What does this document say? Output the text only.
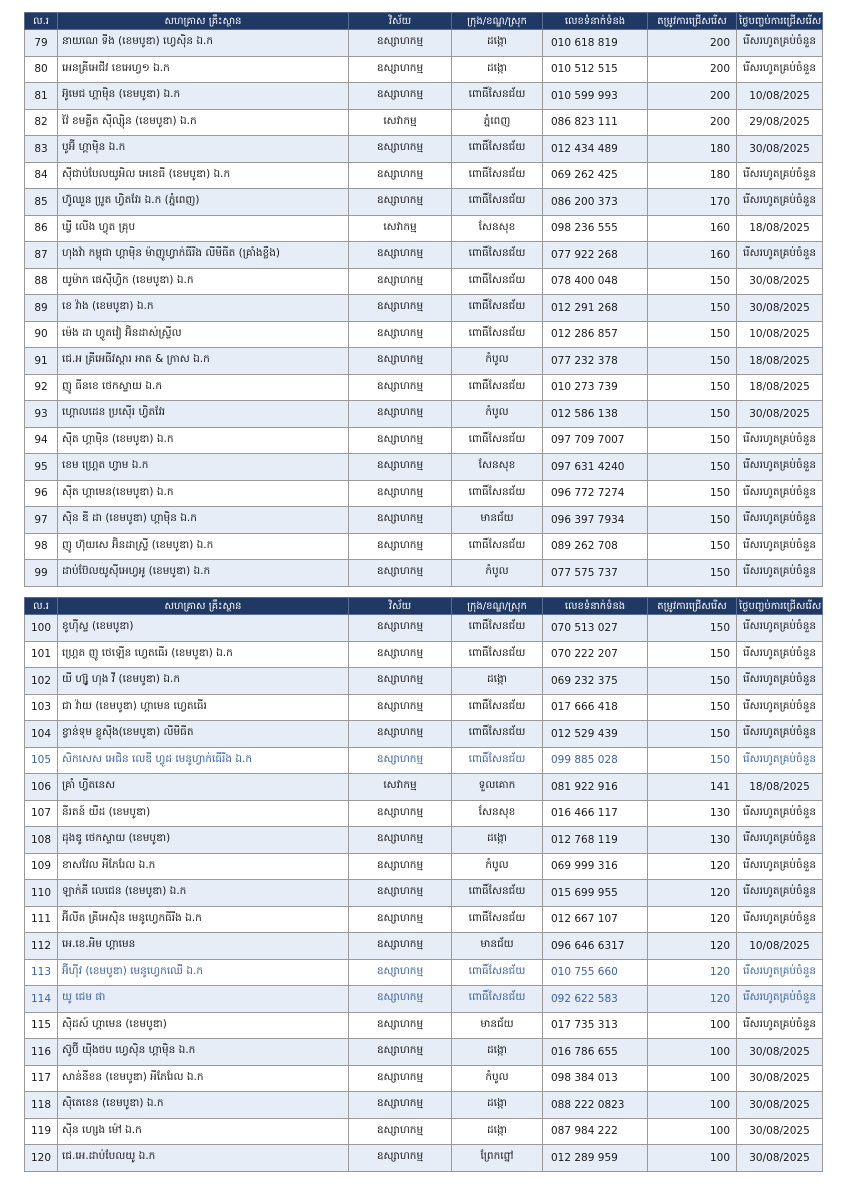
ល.រ	សហគ្រាស គ្រឹះស្ថាន	វិស័យ	ក្រុង/ខណ្ឌ/ស្រុក	លេខទំនាក់ទំនង	តម្រូវការជ្រើសរើស	ថ្ងៃបញ្ចប់ការជ្រើសរើស
79	នាយណេ ទីង (ខេមបូឌា) ហ្វេស៊ិន ឯ.ក	ឧស្សាហកម្ម	ដង្កោ	010 618 819	200	រើសរហូតគ្រប់ចំនួន
80	អេនគ្រីអេជីវ ខេអេហ្វ១ ឯ.ក	ឧស្សាហកម្ម	ដង្កោ	010 512 515	200	រើសរហូតគ្រប់ចំនួន
81	អ៊ូមេជ ហ្គាម៉ិន (ខេមបូឌា) ឯ.ក	ឧស្សាហកម្ម	ពោធិ៍សែនជ័យ	010 599 993	200	10/08/2025
82	វ៉ៃ ខមគ្លីត ស៊ីល្ស៊ិន (ខេមបូឌា) ឯ.ក	សេវាកម្ម	ភ្នំពេញ	086 823 111	200	29/08/2025
83	បូអ៊ី ហ្គាម៉ិន ឯ.ក	ឧស្សាហកម្ម	ពោធិ៍សែនជ័យ	012 434 489	180	30/08/2025
84	ស៊ីជាប់បែលយូអិល អេខេធី (ខេមបូឌា) ឯ.ក	ឧស្សាហកម្ម	ពោធិ៍សែនជ័យ	069 262 425	180	រើសរហូតគ្រប់ចំនួន
85	ហ៊ូឈួន ប្រូត ហ្វិតវែរ ឯ.ក (ភ្នំពេញ)	ឧស្សាហកម្ម	ពោធិ៍សែនជ័យ	086 200 373	170	រើសរហូតគ្រប់ចំនួន
86	ឃ្វី លេីង ហ្វុត គ្រុប	សេវាកម្ម	សែនសុខ	098 236 555	160	18/08/2025
87	ហុងវ៉ា កម្ពុជា ហ្គាម៉ិន ម៉ាញូហ្វាក់ធីរីង លីមីធីត (គ្រាំងខ្លឹង)	ឧស្សាហកម្ម	ពោធិ៍សែនជ័យ	077 922 268	160	រើសរហូតគ្រប់ចំនួន
88	យូម៉ាក ផេស៊ីហ្វិក (ខេមបូឌា) ឯ.ក	ឧស្សាហកម្ម	ពោធិ៍សែនជ័យ	078 400 048	150	30/08/2025
89	ខេ វ៉ាង (ខេមបូឌា) ឯ.ក	ឧស្សាហកម្ម	ពោធិ៍សែនជ័យ	012 291 268	150	30/08/2025
90	ម៉េង ដា ហ្វូតវៀ អ៊ិនដាស់ស្ទ្រីល	ឧស្សាហកម្ម	ពោធិ៍សែនជ័យ	012 286 857	150	10/08/2025
91	ជេ.អ គ្រីអេធីវស្តារ អាត & ក្រាស ឯ.ក	ឧស្សាហកម្ម	កំបូល	077 232 378	150	18/08/2025
92	ញូ ធីនខេ ថេកស្ទាយ ឯ.ក	ឧស្សាហកម្ម	ពោធិ៍សែនជ័យ	010 273 739	150	18/08/2025
93	ហ្គោលដេន ប្រស៊ើរ ហ្វិតវែរ	ឧស្សាហកម្ម	កំបូល	012 586 138	150	30/08/2025
94	ស៊ីត ហ្គាម៉ិន (ខេមបូឌា) ឯ.ក	ឧស្សាហកម្ម	ពោធិ៍សែនជ័យ	097 709 7007	150	រើសរហូតគ្រប់ចំនួន
95	ខេម ហ្គ្រេត ហ្វាម ឯ.ក	ឧស្សាហកម្ម	សែនសុខ	097 631 4240	150	រើសរហូតគ្រប់ចំនួន
96	ស៊ីត ហ្គាមេន(ខេមបូឌា) ឯ.ក	ឧស្សាហកម្ម	ពោធិ៍សែនជ័យ	096 772 7274	150	រើសរហូតគ្រប់ចំនួន
97	ស៊ិន ឌី ដា (ខេមបូឌា) ហ្គាម៉ិន ឯ.ក	ឧស្សាហកម្ម	មានជ័យ	096 397 7934	150	រើសរហូតគ្រប់ចំនួន
98	ញូ ហ៊ុយសេ អ៊ិនដាស្ទ្រី (ខេមបូឌា) ឯ.ក	ឧស្សាហកម្ម	ពោធិ៍សែនជ័យ	089 262 708	150	រើសរហូតគ្រប់ចំនួន
99	ដាប់ប៊ែលយូស៊ីអេហ្វអូ (ខេមបូឌា) ឯ.ក	ឧស្សាហកម្ម	កំបូល	077 575 737	150	រើសរហូតគ្រប់ចំនួន
ល.រ	សហគ្រាស គ្រឹះស្ថាន	វិស័យ	ក្រុង/ខណ្ឌ/ស្រុក	លេខទំនាក់ទំនង	តម្រូវការជ្រើសរើស	ថ្ងៃបញ្ចប់ការជ្រើសរើស
100	ខូហ៊ីស្ទ (ខេមបូឌា)	ឧស្សាហកម្ម	ពោធិ៍សែនជ័យ	070 513 027	150	រើសរហូតគ្រប់ចំនួន
101	ហ្គ្រេត ញូ ថេឡើន ហ្វេតធើរ (ខេមបូឌា) ឯ.ក	ឧស្សាហកម្ម	ពោធិ៍សែនជ័យ	070 222 207	150	រើសរហូតគ្រប់ចំនួន
102	យី ហ្ស៊ូ ហុង វី (ខេមបូឌា) ឯ.ក	ឧស្សាហកម្ម	ដង្កោ	069 232 375	150	រើសរហូតគ្រប់ចំនួន
103	ជា វ៉ាយ (ខេមបូឌា) ហ្គាមេន ហ្វេតធើរ	ឧស្សាហកម្ម	ពោធិ៍សែនជ័យ	017 666 418	150	រើសរហូតគ្រប់ចំនួន
104	ខ្វាន់ទុម ខ្លូស៊ីង(ខេមបូឌា) លីមីធីត	ឧស្សាហកម្ម	ពោធិ៍សែនជ័យ	012 529 439	150	រើសរហូតគ្រប់ចំនួន
105	សិកសេស អេជិន លេឌី ហ្វូដ មេនូហ្វាក់ធើរីង ឯ.ក	ឧស្សាហកម្ម	ពោធិ៍សែនជ័យ	099 885 028	150	រើសរហូតគ្រប់ចំនួន
106	គ្រាំ ហ្វីតនេស	សេវាកម្ម	ទួលគោក	081 922 916	141	18/08/2025
107	នីរតន៍ យឺដ (ខេមបូឌា)	ឧស្សាហកម្ម	សែនសុខ	016 466 117	130	រើសរហូតគ្រប់ចំនួន
108	ដុងឌូ ថេកស្ទាយ (ខេមបូឌា)	ឧស្សាហកម្ម	ដង្កោ	012 768 119	130	រើសរហូតគ្រប់ចំនួន
109	ខាសវែល អីភែរែល ឯ.ក	ឧស្សាហកម្ម	កំបូល	069 999 316	120	រើសរហូតគ្រប់ចំនួន
110	ឡាក់គី លេជេន (ខេមបូឌា) ឯ.ក	ឧស្សាហកម្ម	ពោធិ៍សែនជ័យ	015 699 955	120	រើសរហូតគ្រប់ចំនួន
111	អ៊ីលីត គ្រីអេស៊ិន មេនូហ្វេកធីរីង ឯ.ក	ឧស្សាហកម្ម	ពោធិ៍សែនជ័យ	012 667 107	120	រើសរហូតគ្រប់ចំនួន
112	អេ.ខេ.អិម ហ្គាមេន	ឧស្សាហកម្ម	មានជ័យ	096 646 6317	120	10/08/2025
113	អ៊ីហ៊ីវ (ខេមបូឌា) មេនូហ្វេកឈើ ឯ.ក	ឧស្សាហកម្ម	ពោធិ៍សែនជ័យ	010 755 660	120	រើសរហូតគ្រប់ចំនួន
114	យូ ជេម ផា	ឧស្សាហកម្ម	ពោធិ៍សែនជ័យ	092 622 583	120	រើសរហូតគ្រប់ចំនួន
115	ស៊ិដស៍ ហ្គាមេន (ខេមបូឌា)	ឧស្សាហកម្ម	មានជ័យ	017 735 313	100	រើសរហូតគ្រប់ចំនួន
116	ស៊ូប៊ី យ៉ីងថប ហ្វេស៊ិន ហ្គាម៉ិន ឯ.ក	ឧស្សាហកម្ម	ដង្កោ	016 786 655	100	30/08/2025
117	សាន់នីខន (ខេមបូឌា) អីភែរែល ឯ.ក	ឧស្សាហកម្ម	កំបូល	098 384 013	100	30/08/2025
118	ស៊ិតេខេន (ខេមបូឌា) ឯ.ក	ឧស្សាហកម្ម	ដង្កោ	088 222 0823	100	30/08/2025
119	ស៊ីន ហ្សេង ម៉ៅ ឯ.ក	ឧស្សាហកម្ម	ដង្កោ	087 984 222	100	30/08/2025
120	ជេ.អេ.ដាប់បែលយូ ឯ.ក	ឧស្សាហកម្ម	ព្រែកព្នៅ	012 289 959	100	30/08/2025
